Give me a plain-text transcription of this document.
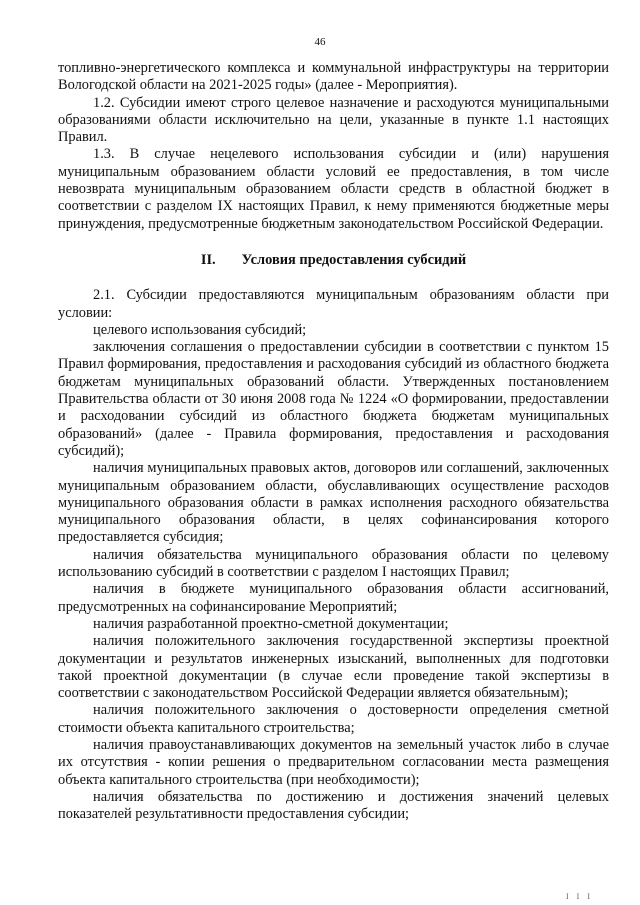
46

топливно-энергетического комплекса и коммунальной инфраструктуры на территории Вологодской области на 2021-2025 годы» (далее - Мероприятия).

1.2. Субсидии имеют строго целевое назначение и расходуются муниципальными образованиями области исключительно на цели, указанные в пункте 1.1 настоящих Правил.

1.3. В случае нецелевого использования субсидии и (или) нарушения муниципальным образованием области условий ее предоставления, в том числе невозврата муниципальным образованием области средств в областной бюджет в соответствии с разделом IX настоящих Правил, к нему применяются бюджетные меры принуждения, предусмотренные бюджетным законодательством Российской Федерации.

II. Условия предоставления субсидий

2.1. Субсидии предоставляются муниципальным образованиям области при условии:

целевого использования субсидий;

заключения соглашения о предоставлении субсидии в соответствии с пунктом 15 Правил формирования, предоставления и расходования субсидий из областного бюджета бюджетам муниципальных образований области. Утвержденных постановлением Правительства области от 30 июня 2008 года № 1224 «О формировании, предоставлении и расходовании субсидий из областного бюджета бюджетам муниципальных образований» (далее - Правила формирования, предоставления и расходования субсидий);

наличия муниципальных правовых актов, договоров или соглашений, заключенных муниципальным образованием области, обуславливающих осуществление расходов муниципального образования области в рамках исполнения расходного обязательства муниципального образования области, в целях софинансирования которого предоставляется субсидия;

наличия обязательства муниципального образования области по целевому использованию субсидий в соответствии с разделом I настоящих Правил;

наличия в бюджете муниципального образования области ассигнований, предусмотренных на софинансирование Мероприятий;

наличия разработанной проектно-сметной документации;

наличия положительного заключения государственной экспертизы проектной документации и результатов инженерных изысканий, выполненных для подготовки такой проектной документации (в случае если проведение такой экспертизы в соответствии с законодательством Российской Федерации является обязательным);

наличия положительного заключения о достоверности определения сметной стоимости объекта капитального строительства;

наличия правоустанавливающих документов на земельный участок либо в случае их отсутствия - копии решения о предварительном согласовании места размещения объекта капитального строительства (при необходимости);

наличия обязательства по достижению и достижения значений целевых показателей результативности предоставления субсидии;

I I I
